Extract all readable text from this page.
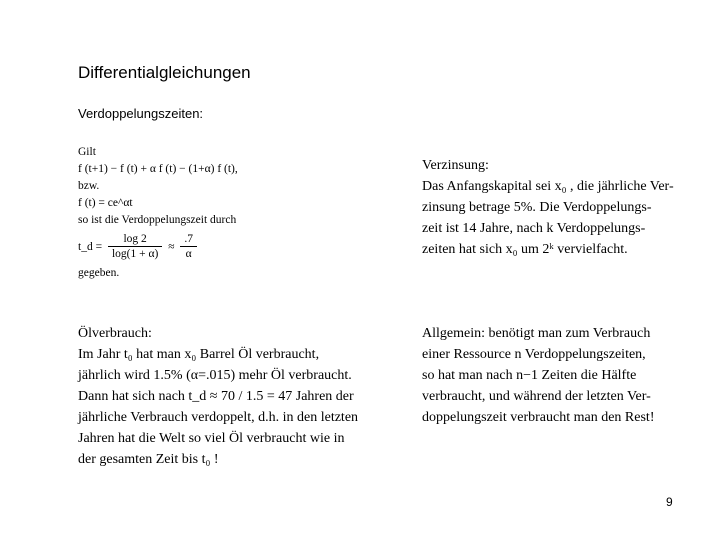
Differentialgleichungen
Verdoppelungszeiten:
Gilt
f (t+1) − f (t) + α f (t) − (1+α) f (t),
bzw.
f (t) = ce^αt
so ist die Verdoppelungszeit durch
t_d = $\frac{\log 2}{\log(1 + \alpha)} \approx \frac{.7}{\alpha}$
gegeben.
Verzinsung:
Das Anfangskapital sei x₀ , die jährliche Ver-
zinsung betrage 5%. Die Verdoppelungs-
zeit ist 14 Jahre, nach k Verdoppelungs-
zeiten hat sich x₀ um 2ᵏ vervielfacht.
Ölverbrauch:
Im Jahr t₀ hat man x₀ Barrel Öl verbraucht,
jährlich wird 1.5% (α=.015) mehr Öl verbraucht.
Dann hat sich nach t_d ≈ 70 / 1.5 = 47 Jahren der
jährliche Verbrauch verdoppelt, d.h. in den letzten
Jahren hat die Welt so viel Öl verbraucht wie in
der gesamten Zeit bis t₀ !
Allgemein: benötigt man zum Verbrauch
einer Ressource n Verdoppelungszeiten,
so hat man nach n−1 Zeiten die Hälfte
verbraucht, und während der letzten Ver-
doppelungszeit verbraucht man den Rest!
9
